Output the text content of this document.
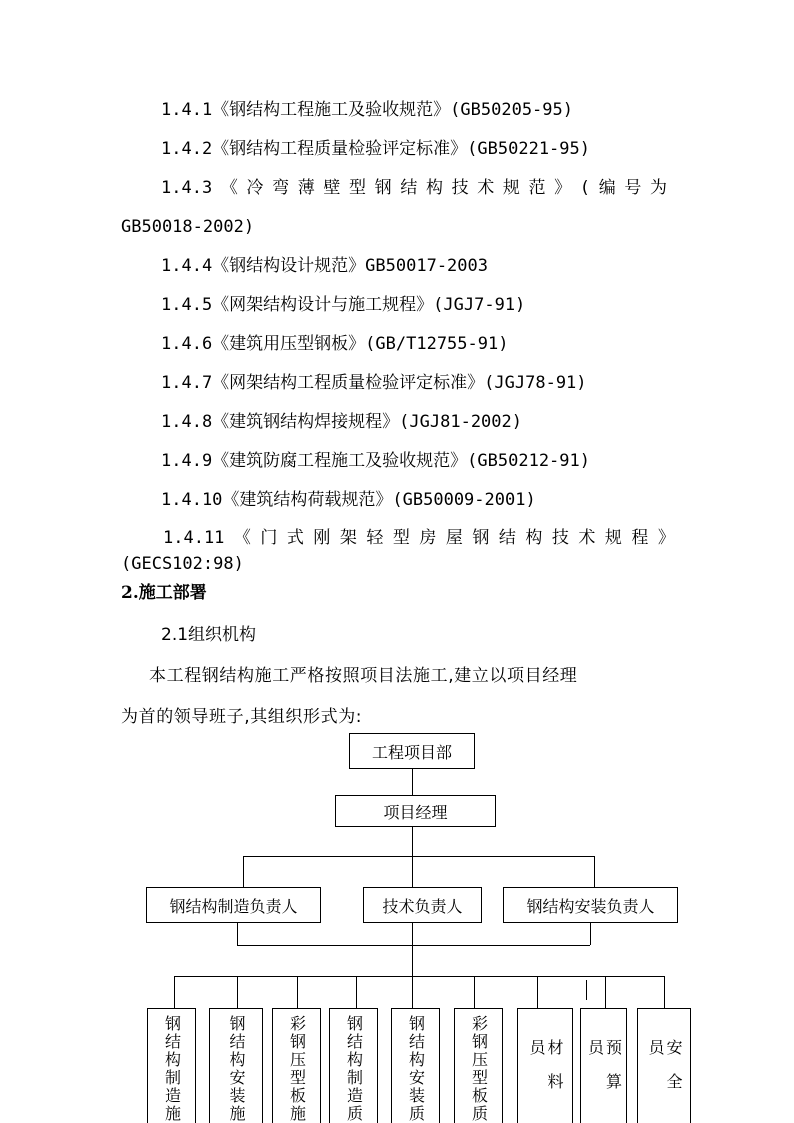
1.4.1《钢结构工程施工及验收规范》(GB50205-95)
1.4.2《钢结构工程质量检验评定标准》(GB50221-95)
1.4.3 《 冷 弯 薄 壁 型 钢 结 构 技 术 规 范 》 ( 编 号 为
GB50018-2002)
1.4.4《钢结构设计规范》GB50017-2003
1.4.5《网架结构设计与施工规程》(JGJ7-91)
1.4.6《建筑用压型钢板》(GB/T12755-91)
1.4.7《网架结构工程质量检验评定标准》(JGJ78-91)
1.4.8《建筑钢结构焊接规程》(JGJ81-2002)
1.4.9《建筑防腐工程施工及验收规范》(GB50212-91)
1.4.10《建筑结构荷载规范》(GB50009-2001)
1.4.11 《 门 式 刚 架 轻 型 房 屋 钢 结 构 技 术 规 程 》
(GECS102:98)
2.施工部署
2.1组织机构
本工程钢结构施工严格按照项目法施工,建立以项目经理
为首的领导班子,其组织形式为:
工程项目部
项目经理
钢结构制造负责人	技术负责人	钢结构安装负责人
钢结构制造施	钢结构安装施	彩钢压型板施 钢结构制造质	钢结构安装质	彩钢压型板质	材料员	预算员	安全员
